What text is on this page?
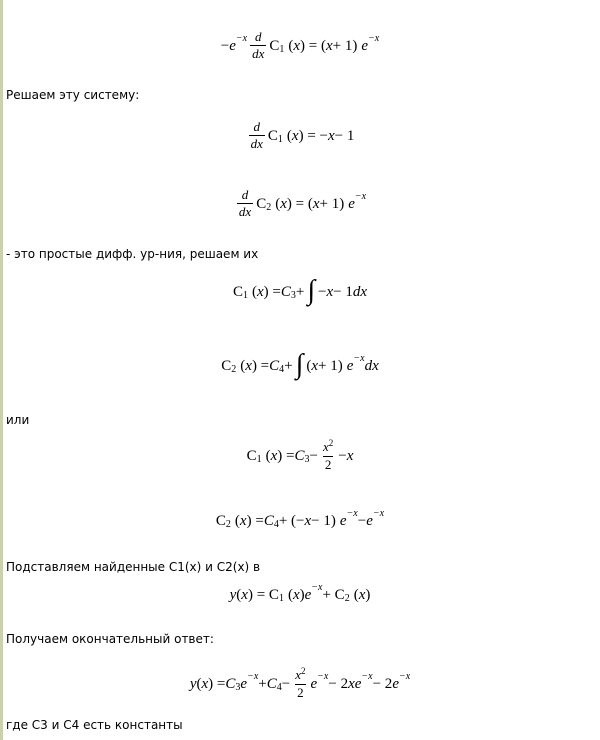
− $e -x \frac{d}{dx}$ C 1 ( x ) = ( x + 1) e −x
Решаем эту систему:
$\frac{d}{dx}$ C 1 ( x ) = − x − 1
$\frac{d}{dx}$ C 2 ( x ) = ( x + 1) e −x
- это простые дифф. ур-ния, решаем их
C 1 ( x ) = C 3 + ∫ − x − 1 dx
C 2 ( x ) = C 4 + ∫ ( x + 1) e −x dx
или
C 1 ( x ) = C $3 - \frac{x^2}{2} - x$
C 2 ( x ) = C 4 + (− x − 1) e −x − e −x
Подставляем найденные C1(x) и C2(x) в
y ( x ) = C 1 ( x ) e −x + C 2 ( x )
Получаем окончательный ответ:
y ( x ) = C 3 e −x + C $4 - \frac{x^2}{2}$ e −x − 2 xe −x − 2 e −x
где C3 и C4 есть константы
